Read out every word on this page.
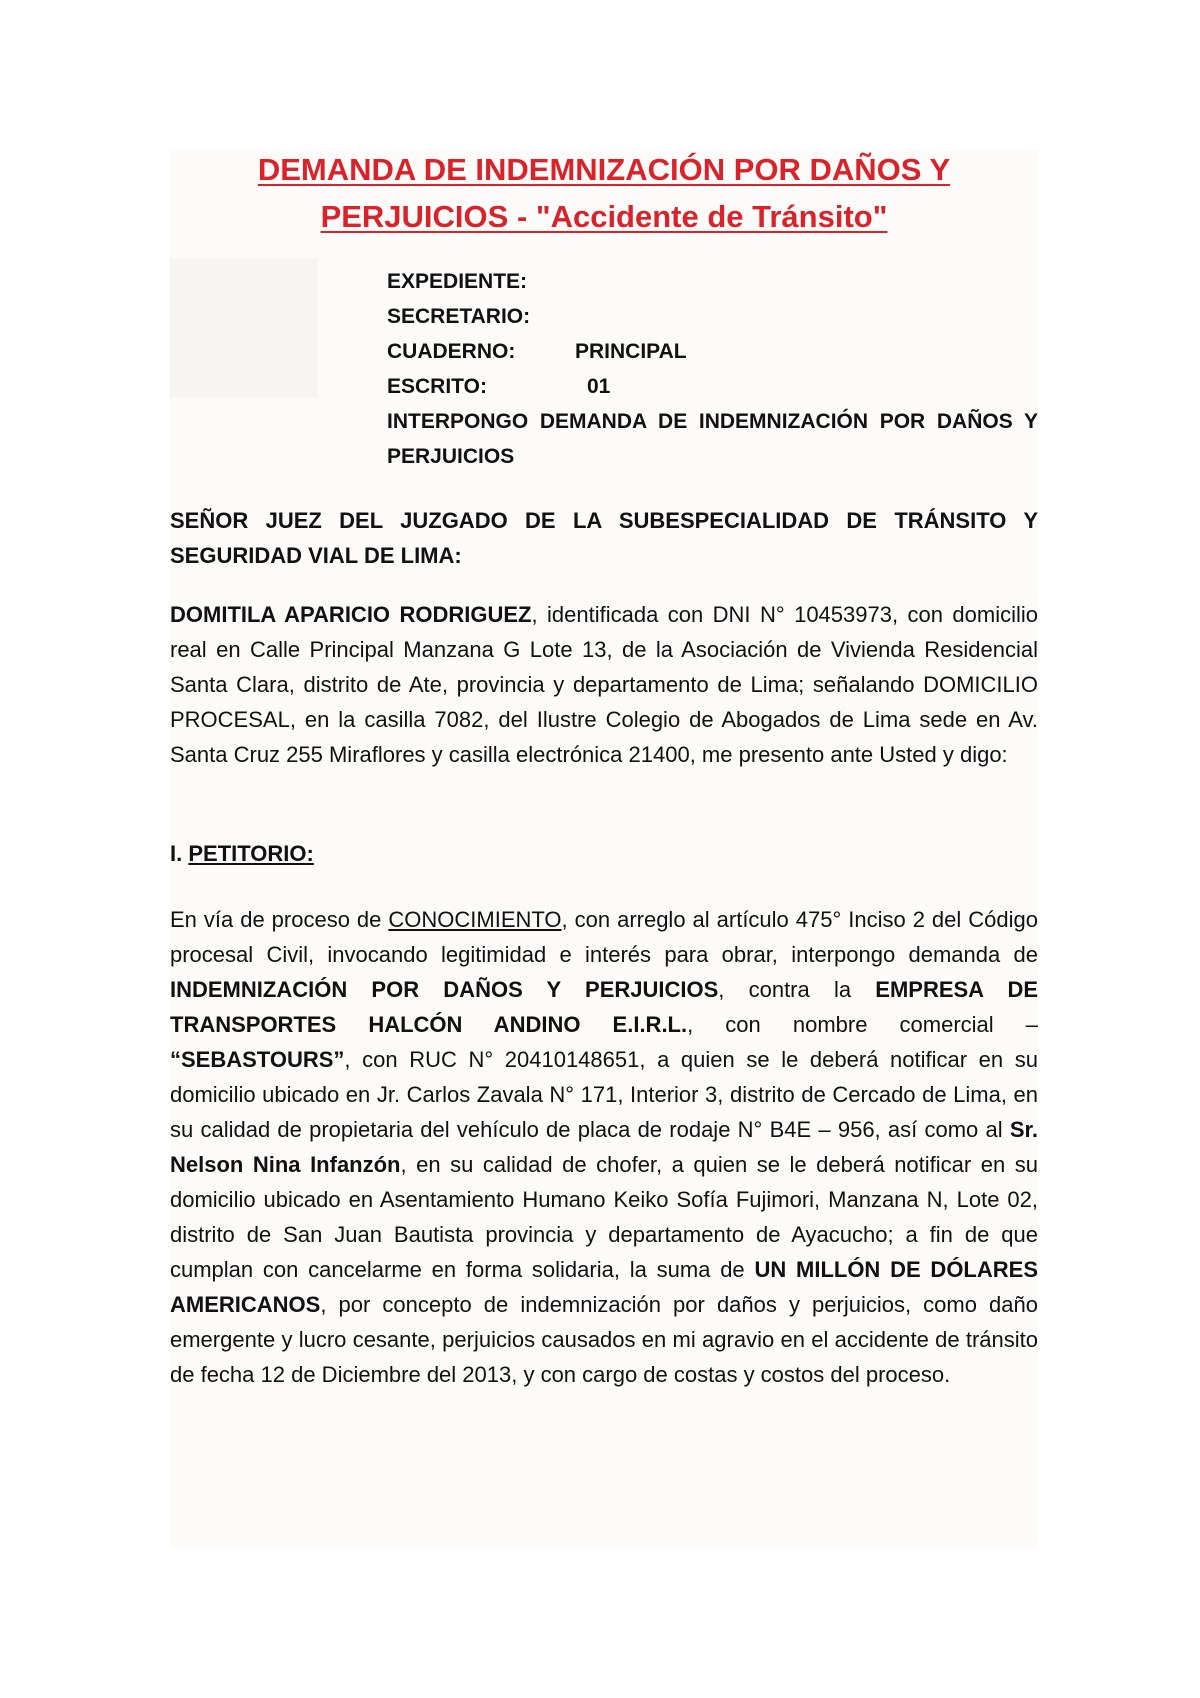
DEMANDA DE INDEMNIZACIÓN POR DAÑOS Y
PERJUICIOS - "Accidente de Tránsito"
EXPEDIENTE:
SECRETARIO:
CUADERNO:	PRINCIPAL
ESCRITO:	01
INTERPONGO DEMANDA DE INDEMNIZACIÓN POR DAÑOS Y PERJUICIOS
SEÑOR JUEZ DEL JUZGADO DE LA SUBESPECIALIDAD DE TRÁNSITO Y SEGURIDAD VIAL DE LIMA:
DOMITILA APARICIO RODRIGUEZ, identificada con DNI N° 10453973, con domicilio real en Calle Principal Manzana G Lote 13, de la Asociación de Vivienda Residencial Santa Clara, distrito de Ate, provincia y departamento de Lima; señalando DOMICILIO PROCESAL, en la casilla 7082, del Ilustre Colegio de Abogados de Lima sede en Av. Santa Cruz 255 Miraflores y casilla electrónica 21400, me presento ante Usted y digo:
I. PETITORIO:
En vía de proceso de CONOCIMIENTO, con arreglo al artículo 475° Inciso 2 del Código procesal Civil, invocando legitimidad e interés para obrar, interpongo demanda de INDEMNIZACIÓN POR DAÑOS Y PERJUICIOS, contra la EMPRESA DE TRANSPORTES HALCÓN ANDINO E.I.R.L., con nombre comercial – “SEBASTOURS”, con RUC N° 20410148651, a quien se le deberá notificar en su domicilio ubicado en Jr. Carlos Zavala N° 171, Interior 3, distrito de Cercado de Lima, en su calidad de propietaria del vehículo de placa de rodaje N° B4E – 956, así como al Sr. Nelson Nina Infanzón, en su calidad de chofer, a quien se le deberá notificar en su domicilio ubicado en Asentamiento Humano Keiko Sofía Fujimori, Manzana N, Lote 02, distrito de San Juan Bautista provincia y departamento de Ayacucho; a fin de que cumplan con cancelarme en forma solidaria, la suma de UN MILLÓN DE DÓLARES AMERICANOS, por concepto de indemnización por daños y perjuicios, como daño emergente y lucro cesante, perjuicios causados en mi agravio en el accidente de tránsito de fecha 12 de Diciembre del 2013, y con cargo de costas y costos del proceso.
